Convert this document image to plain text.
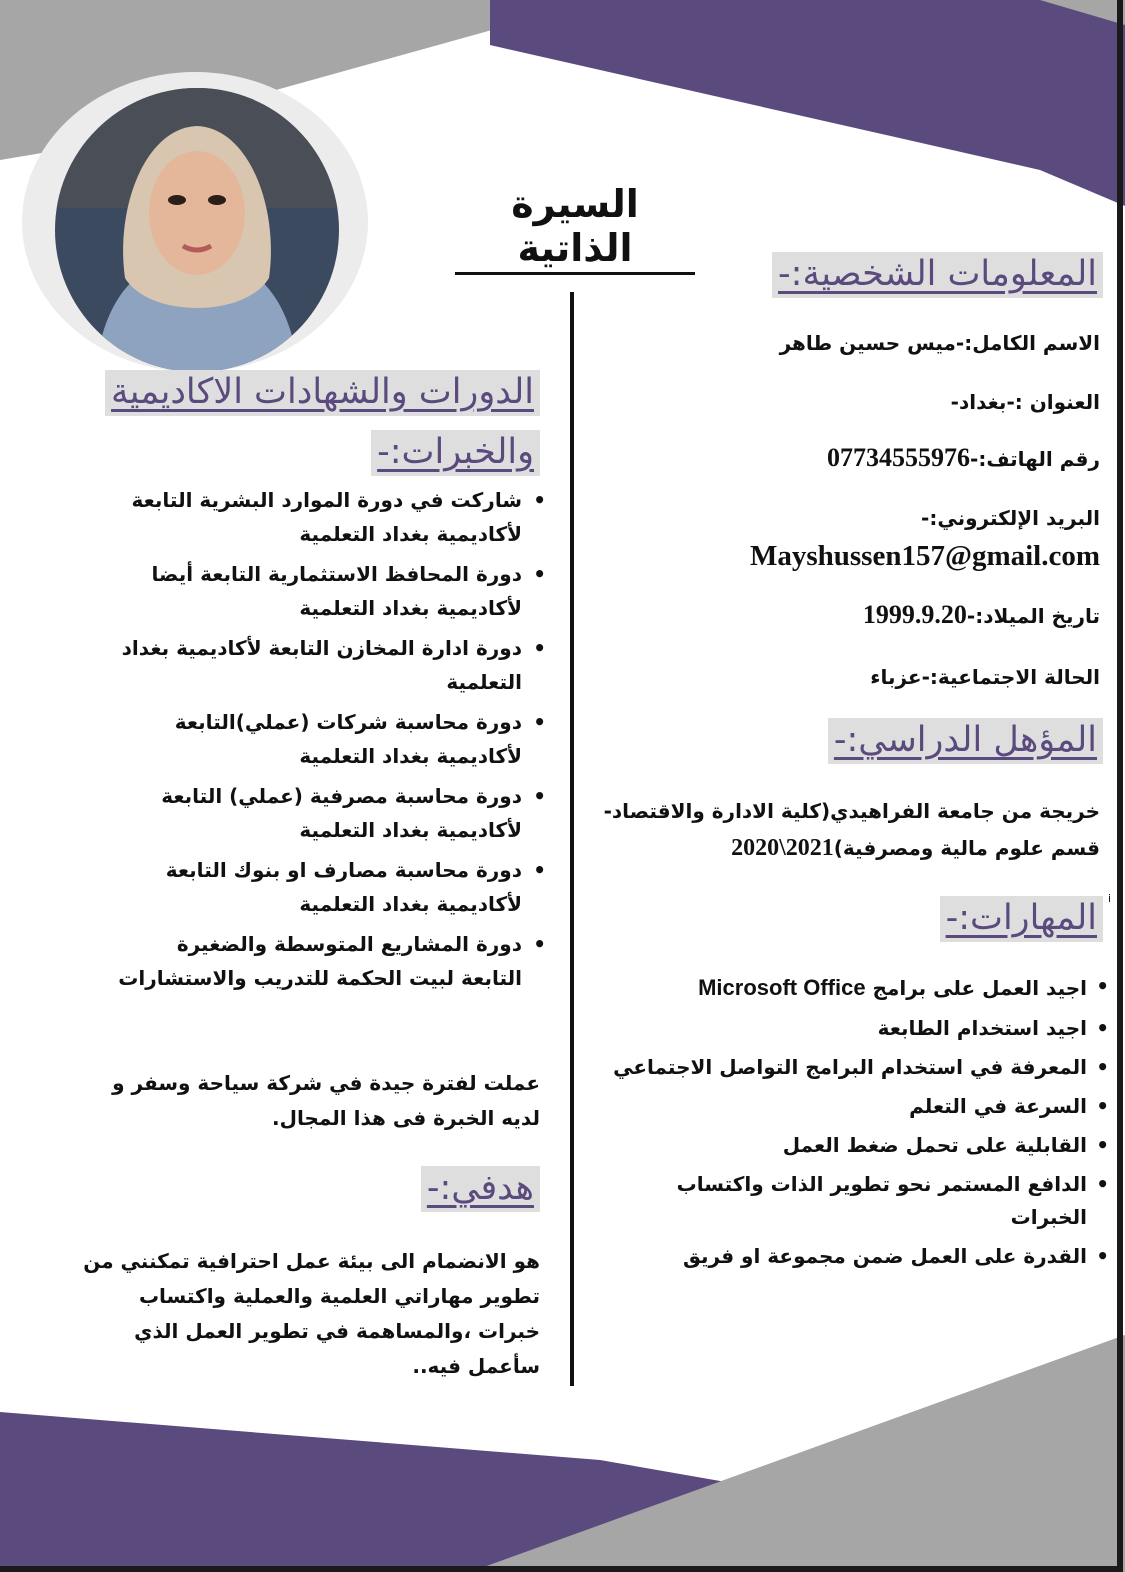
السيرة الذاتية
المعلومات الشخصية:-
الاسم الكامل:-ميس حسين طاهر
العنوان :-بغداد-
رقم الهاتف:-07734555976
البريد الإلكتروني:-
Mayshussen157@gmail.com
تاريخ الميلاد:-1999.9.20
الحالة الاجتماعية:-عزباء
المؤهل الدراسي:-
خريجة من جامعة الفراهيدي(كلية الادارة والاقتصاد-
قسم علوم مالية ومصرفية)2021\2020
i
المهارات:-
• اجيد العمل على برامج Microsoft Office
• اجيد استخدام الطابعة
• المعرفة في استخدام البرامج التواصل الاجتماعي
• السرعة في التعلم
• القابلية على تحمل ضغط العمل
• الدافع المستمر نحو تطوير الذات واكتساب الخبرات
• القدرة على العمل ضمن مجموعة او فريق
الدورات والشهادات الاكاديمية
والخبرات:-
• شاركت في دورة الموارد البشرية التابعة لأكاديمية بغداد التعلمية
• دورة المحافظ الاستثمارية التابعة أيضا لأكاديمية بغداد التعلمية
• دورة ادارة المخازن التابعة لأكاديمية بغداد التعلمية
• دورة محاسبة شركات (عملي)التابعة لأكاديمية بغداد التعلمية
• دورة محاسبة مصرفية (عملي) التابعة لأكاديمية بغداد التعلمية
• دورة محاسبة مصارف او بنوك التابعة لأكاديمية بغداد التعلمية
• دورة المشاريع المتوسطة والضغيرة التابعة لبيت الحكمة للتدريب والاستشارات
عملت لفترة جيدة في شركة سياحة وسفر و لديه الخبرة فى هذا المجال.
هدفي:-
هو الانضمام الى بيئة عمل احترافية تمكنني من تطوير مهاراتي العلمية والعملية واكتساب خبرات ،والمساهمة في تطوير العمل الذي سأعمل فيه..
